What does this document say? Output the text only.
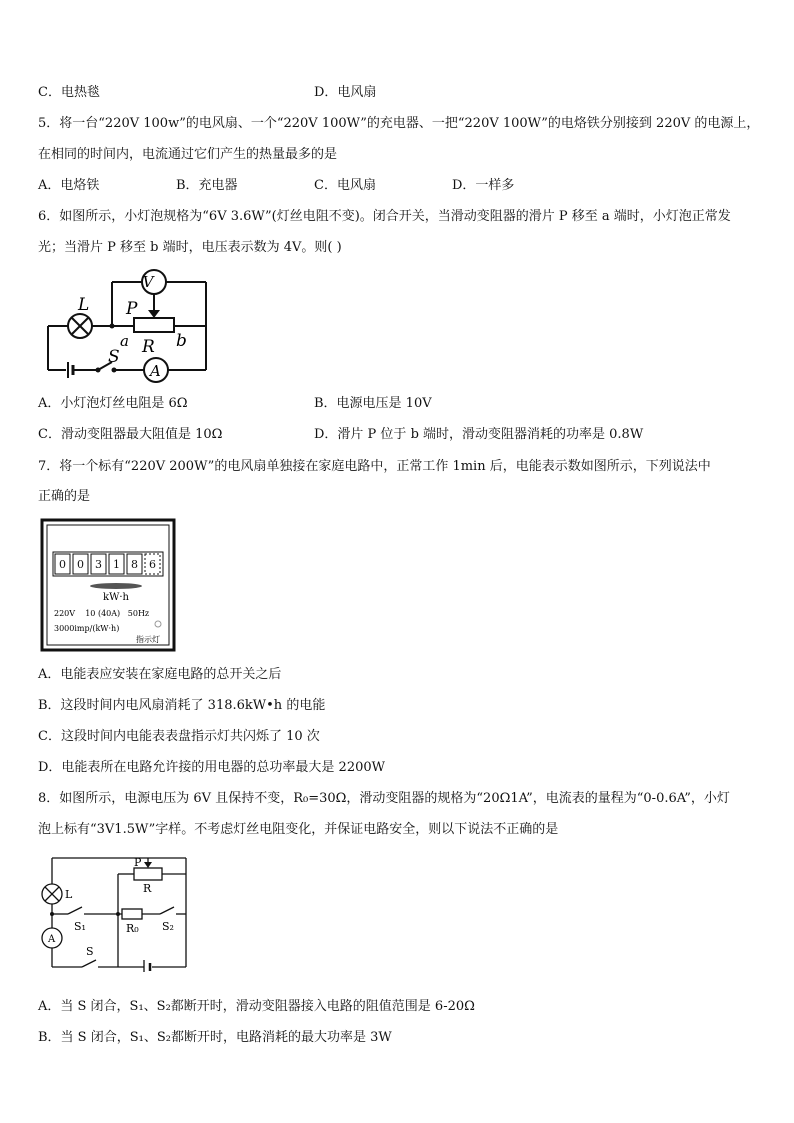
C．电热毯	D．电风扇
5．将一台“220V 100w”的电风扇、一个“220V 100W”的充电器、一把“220V 100W”的电烙铁分别接到 220V 的电源上，
在相同的时间内，电流通过它们产生的热量最多的是
A．电烙铁	B．充电器	C．电风扇	D．一样多
6．如图所示，小灯泡规格为“6V 3.6W”(灯丝电阻不变)。闭合开关，当滑动变阻器的滑片 P 移至 a 端时，小灯泡正常发
光；当滑片 P 移至 b 端时，电压表示数为 4V。则( )
L
V
P
a R b
S
A
A．小灯泡灯丝电阻是 6Ω	B．电源电压是 10V
C．滑动变阻器最大阻值是 10Ω	D．滑片 P 位于 b 端时，滑动变阻器消耗的功率是 0.8W
7．将一个标有“220V 200W”的电风扇单独接在家庭电路中，正常工作 1min 后，电能表示数如图所示，下列说法中
正确的是
0 0 3 1 8 6
kW·h
220V    10 (40A)   50Hz
3000imp/(kW·h)
指示灯
A．电能表应安装在家庭电路的总开关之后
B．这段时间内电风扇消耗了 318.6kW•h 的电能
C．这段时间内电能表表盘指示灯共闪烁了 10 次
D．电能表所在电路允许接的用电器的总功率最大是 2200W
8．如图所示，电源电压为 6V 且保持不变，R₀=30Ω，滑动变阻器的规格为“20Ω1A”，电流表的量程为“0-0.6A”，小灯
泡上标有“3V1.5W”字样。不考虑灯丝电阻变化，并保证电路安全，则以下说法不正确的是
P
R
L
S₁	R₀ S₂
A
S
A．当 S 闭合，S₁、S₂都断开时，滑动变阻器接入电路的阻值范围是 6-20Ω
B．当 S 闭合，S₁、S₂都断开时，电路消耗的最大功率是 3W
